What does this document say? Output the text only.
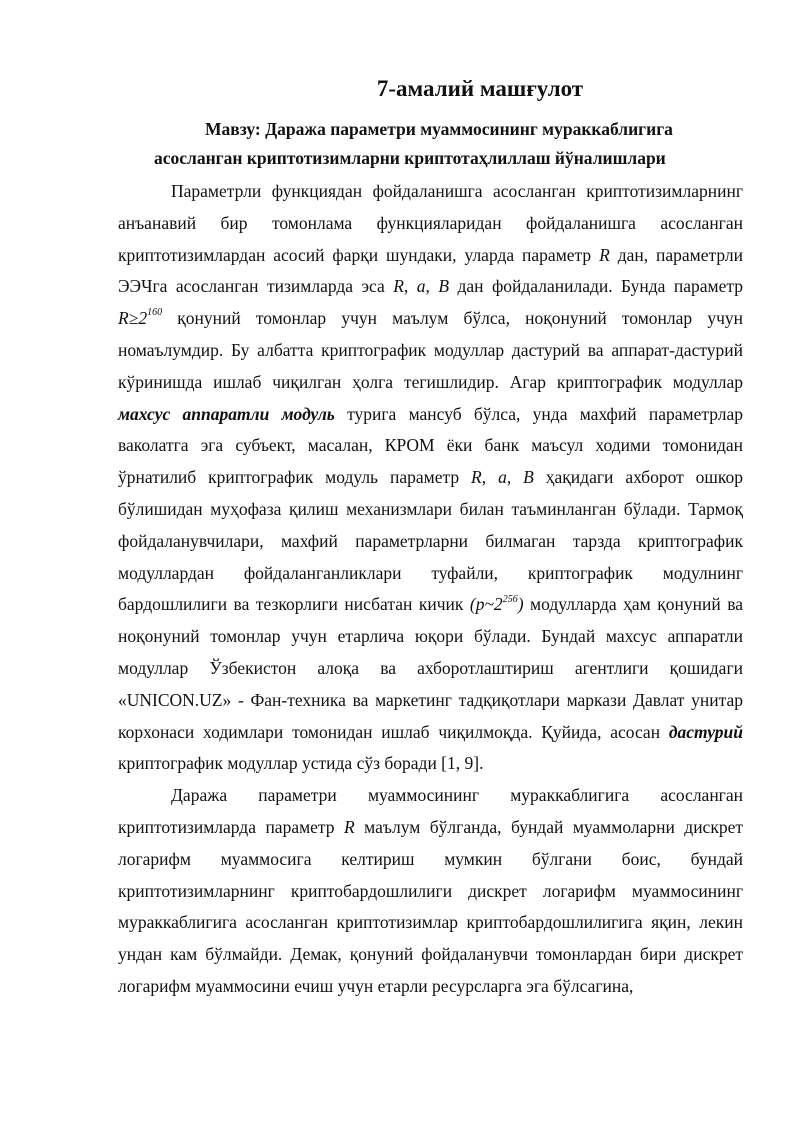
7-амалий машғулот
Мавзу: Даража параметри муаммосининг мураккаблигига
асосланган криптотизимларни криптотаҳлиллаш йўналишлари

Параметрли функциядан фойдаланишга асосланган криптотизимларнинг анъанавий бир томонлама функцияларидан фойдаланишга асосланган криптотизимлардан асосий фарқи шундаки, уларда параметр R дан, параметрли ЭЭЧга асосланган тизимларда эса R, a, B дан фойдаланилади. Бунда параметр $R\ge 2^{160}$ қонуний томонлар учун маълум бўлса, ноқонуний томонлар учун номаълумдир. Бу албатта криптографик модуллар дастурий ва аппарат-дастурий кўринишда ишлаб чиқилган ҳолга тегишлидир. Агар криптографик модуллар махсус аппаратли модуль турига мансуб бўлса, унда махфий параметрлар ваколатга эга субъект, масалан, КРОМ ёки банк маъсул ходими томонидан ўрнатилиб криптографик модуль параметр R, a, B ҳақидаги ахборот ошкор бўлишидан муҳофаза қилиш механизмлари билан таъминланган бўлади. Тармоқ фойдаланувчилари, махфий параметрларни билмаган тарзда криптографик модуллардан фойдаланганликлари туфайли, криптографик модулнинг бардошлилиги ва тезкорлиги нисбатан кичик $(p\sim 2^{256})$ модулларда ҳам қонуний ва ноқонуний томонлар учун етарлича юқори бўлади. Бундай махсус аппаратли модуллар Ўзбекистон алоқа ва ахборотлаштириш агентлиги қошидаги «UNICON.UZ» - Фан-техника ва маркетинг тадқиқотлари маркази Давлат унитар корхонаси ходимлари томонидан ишлаб чиқилмоқда. Қуйида, асосан дастурий криптографик модуллар устида сўз боради [1, 9].

Даража параметри муаммосининг мураккаблигига асосланган криптотизимларда параметр R маълум бўлганда, бундай муаммоларни дискрет логарифм муаммосига келтириш мумкин бўлгани боис, бундай криптотизимларнинг криптобардошлилиги дискрет логарифм муаммосининг мураккаблигига асосланган криптотизимлар криптобардошлилигига яқин, лекин ундан кам бўлмайди. Демак, қонуний фойдаланувчи томонлардан бири дискрет логарифм муаммосини ечиш учун етарли ресурсларга эга бўлсагина,
